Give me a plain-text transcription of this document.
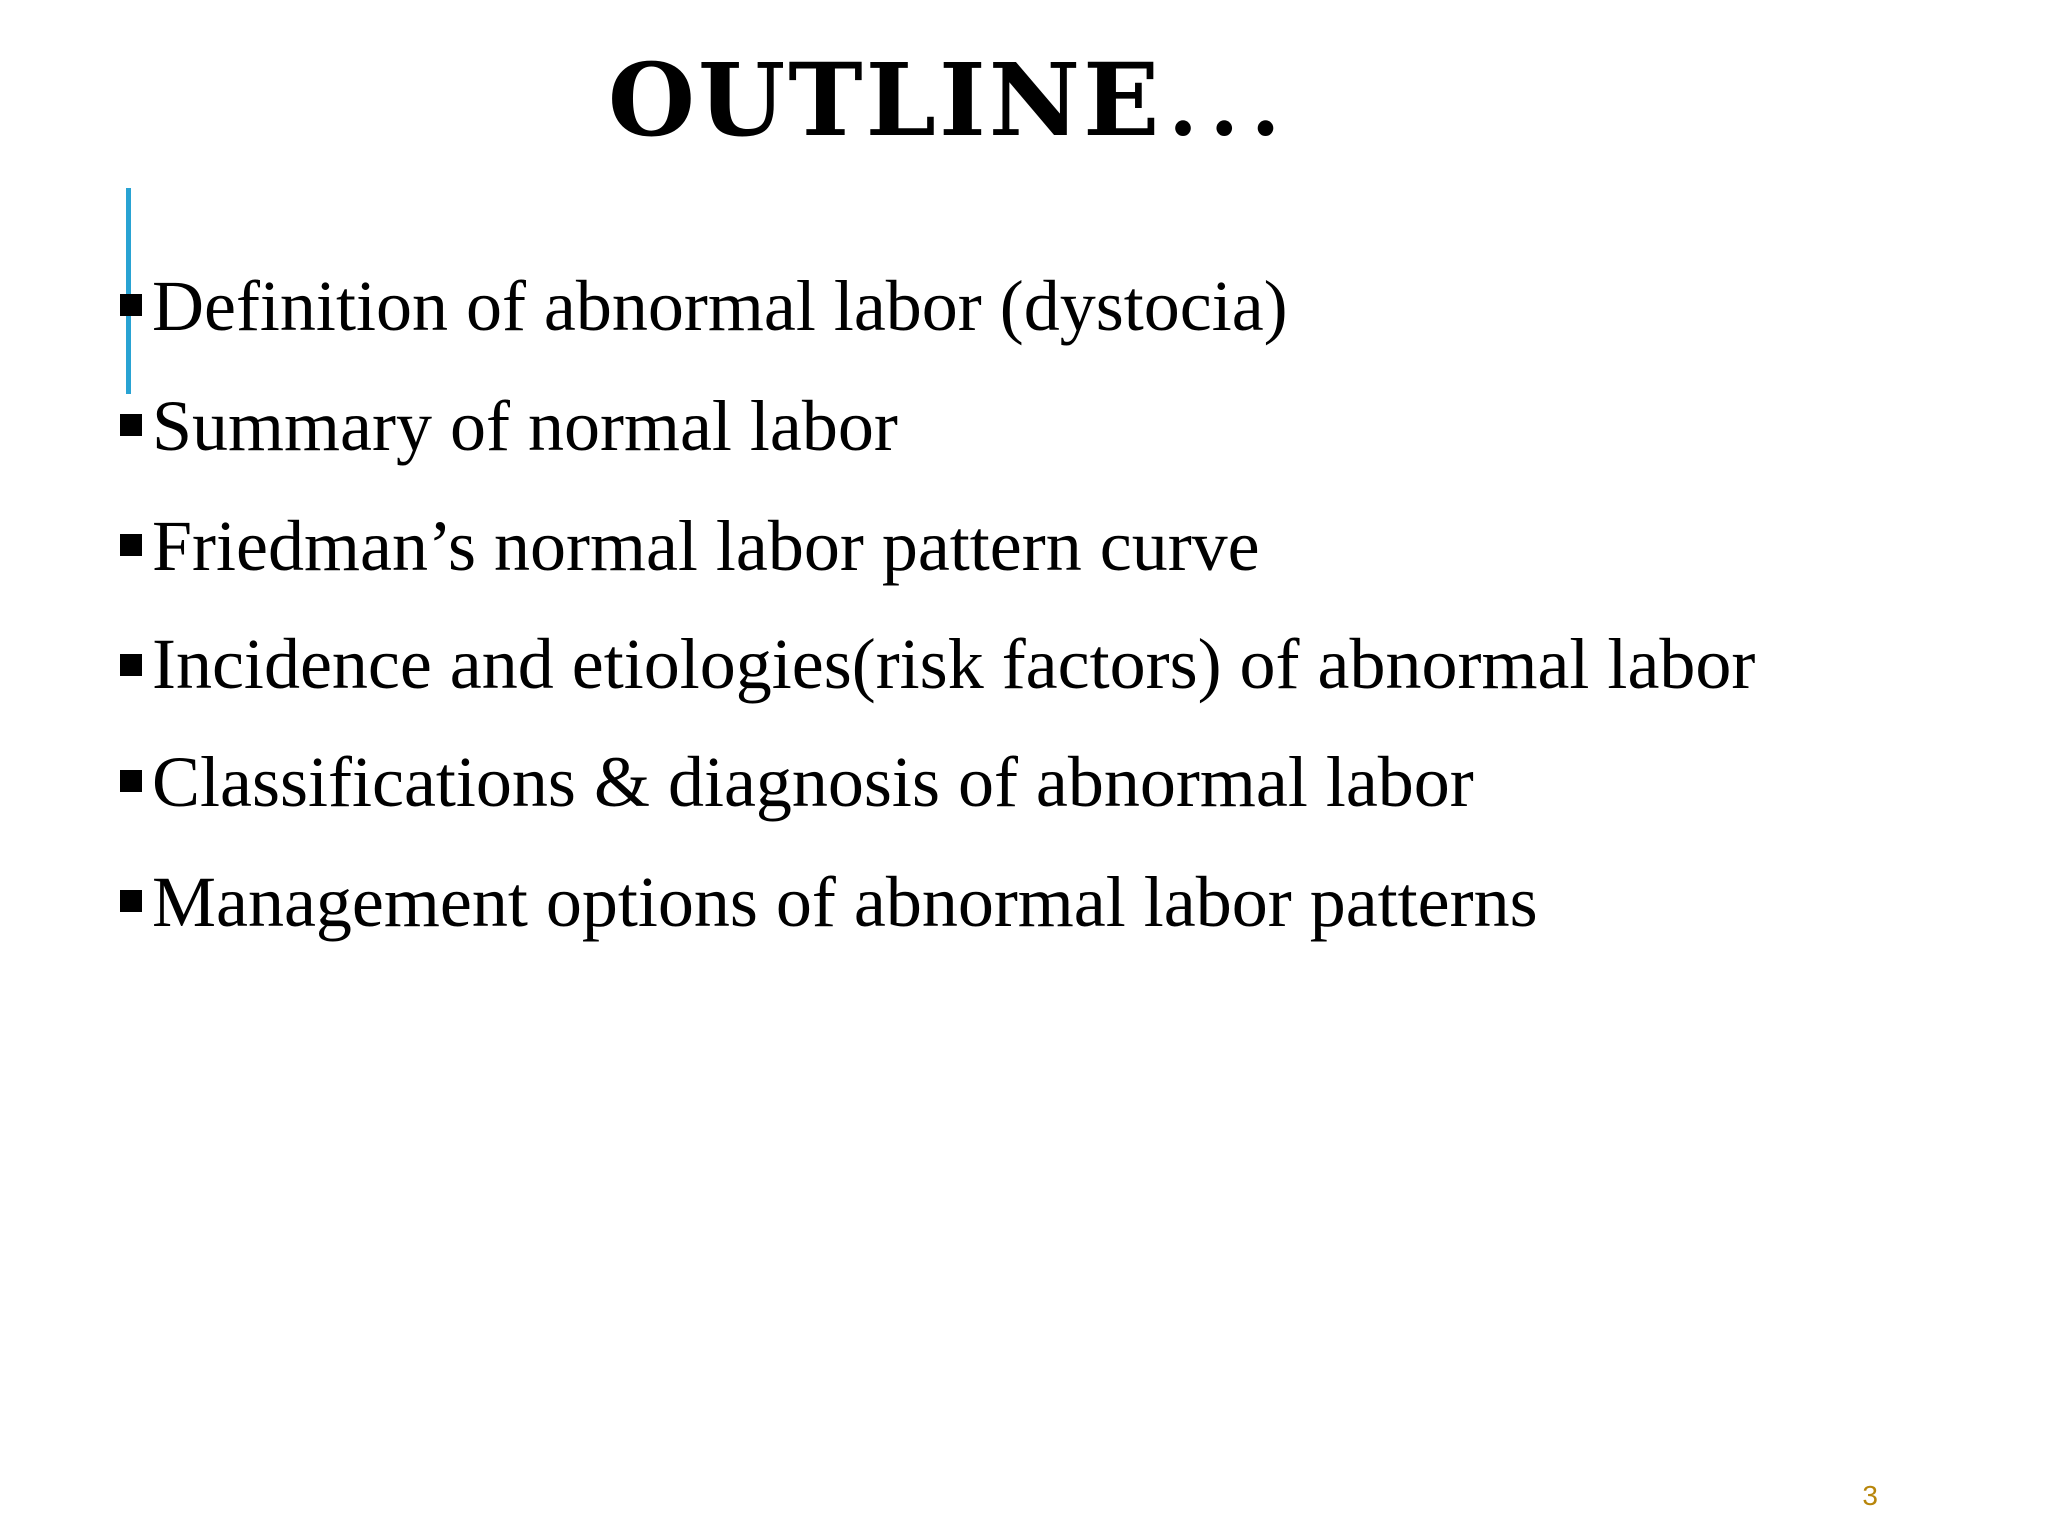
OUTLINE...
Definition of abnormal labor (dystocia)
Summary of normal labor
Friedman’s normal labor pattern curve
Incidence and etiologies(risk factors) of abnormal labor
Classifications & diagnosis of abnormal labor
Management options of abnormal labor patterns
3
